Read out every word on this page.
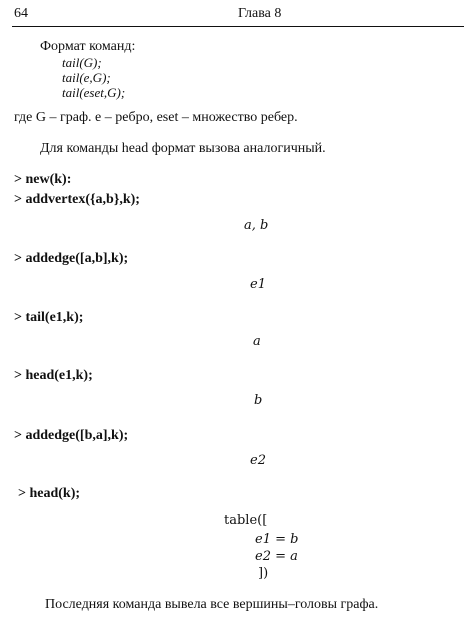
64	Глава 8
Формат команд:
tail(G);
tail(e,G);
tail(eset,G);
где G – граф. е – ребро, eset – множество ребер.
Для команды head формат вызова аналогичный.
> new(k):
> addvertex({a,b},k);
a, b
> addedge([a,b],k);
e1
> tail(e1,k);
a
> head(e1,k);
b
> addedge([b,a],k);
e2
> head(k);
table([
e1 = b
e2 = a
])
Последняя команда вывела все вершины–головы графа.
